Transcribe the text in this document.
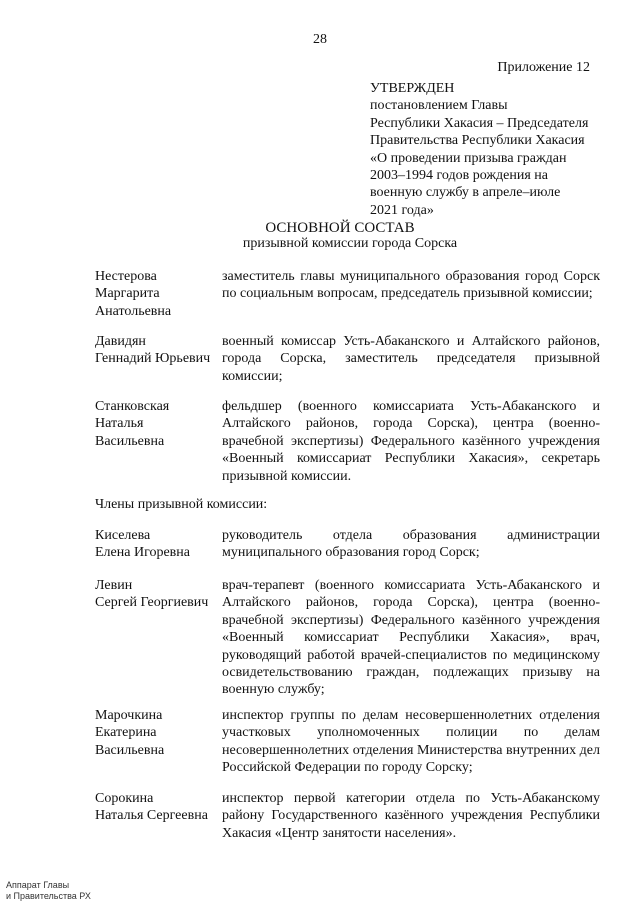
28
Приложение 12
УТВЕРЖДЕН
постановлением Главы
Республики Хакасия – Председателя
Правительства Республики Хакасия
«О проведении призыва граждан
2003–1994 годов рождения на
военную службу в апреле–июле
2021 года»
ОСНОВНОЙ СОСТАВ
призывной комиссии города Сорска
Нестерова
Маргарита
Анатольевна
заместитель главы муниципального образования город Сорск по социальным вопросам, председатель призывной комиссии;
Давидян
Геннадий Юрьевич
военный комиссар Усть-Абаканского и Алтайского районов, города Сорска, заместитель председателя призывной комиссии;
Станковская
Наталья
Васильевна
фельдшер (военного комиссариата Усть-Абаканского и Алтайского районов, города Сорска), центра (военно-врачебной экспертизы) Федерального казённого учреждения «Военный комиссариат Республики Хакасия», секретарь призывной комиссии.
Члены призывной комиссии:
Киселева
Елена Игоревна
руководитель отдела образования администрации муниципального образования город Сорск;
Левин
Сергей Георгиевич
врач-терапевт (военного комиссариата Усть-Абаканского и Алтайского районов, города Сорска), центра (военно-врачебной экспертизы) Федерального казённого учреждения «Военный комиссариат Республики Хакасия», врач, руководящий работой врачей-специалистов по медицинскому освидетельствованию граждан, подлежащих призыву на военную службу;
Марочкина
Екатерина
Васильевна
инспектор группы по делам несовершеннолетних отделения участковых уполномоченных полиции по делам несовершеннолетних отделения Министерства внутренних дел Российской Федерации по городу Сорску;
Сорокина
Наталья Сергеевна
инспектор первой категории отдела по Усть-Абаканскому району Государственного казённого учреждения Республики Хакасия «Центр занятости населения».
Аппарат Главы
и Правительства РХ
